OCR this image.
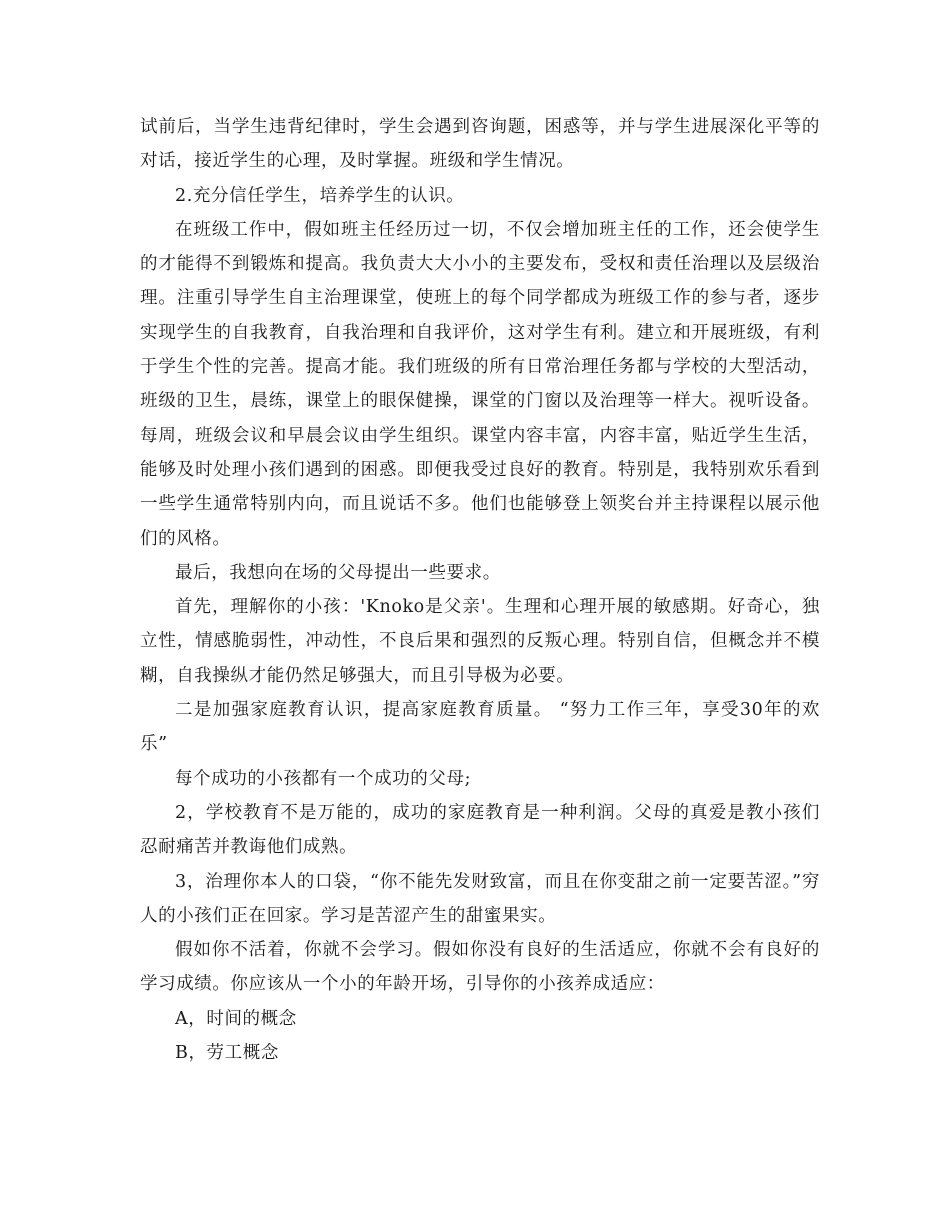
试前后，当学生违背纪律时，学生会遇到咨询题，困惑等，并与学生进展深化平等的对话，接近学生的心理，及时掌握。班级和学生情况。

2.充分信任学生，培养学生的认识。

在班级工作中，假如班主任经历过一切，不仅会增加班主任的工作，还会使学生的才能得不到锻炼和提高。我负责大大小小的主要发布，受权和责任治理以及层级治理。注重引导学生自主治理课堂，使班上的每个同学都成为班级工作的参与者，逐步实现学生的自我教育，自我治理和自我评价，这对学生有利。建立和开展班级，有利于学生个性的完善。提高才能。我们班级的所有日常治理任务都与学校的大型活动，班级的卫生，晨练，课堂上的眼保健操，课堂的门窗以及治理等一样大。视听设备。每周，班级会议和早晨会议由学生组织。课堂内容丰富，内容丰富，贴近学生生活，能够及时处理小孩们遇到的困惑。即便我受过良好的教育。特别是，我特别欢乐看到一些学生通常特别内向，而且说话不多。他们也能够登上领奖台并主持课程以展示他们的风格。

最后，我想向在场的父母提出一些要求。

首先，理解你的小孩：'Knoko是父亲'。生理和心理开展的敏感期。好奇心，独立性，情感脆弱性，冲动性，不良后果和强烈的反叛心理。特别自信，但概念并不模糊，自我操纵才能仍然足够强大，而且引导极为必要。

二是加强家庭教育认识，提高家庭教育质量。 “努力工作三年，享受30年的欢乐”

每个成功的小孩都有一个成功的父母;

2，学校教育不是万能的，成功的家庭教育是一种利润。父母的真爱是教小孩们忍耐痛苦并教诲他们成熟。

3，治理你本人的口袋，“你不能先发财致富，而且在你变甜之前一定要苦涩。”穷人的小孩们正在回家。学习是苦涩产生的甜蜜果实。

假如你不活着，你就不会学习。假如你没有良好的生活适应，你就不会有良好的学习成绩。你应该从一个小的年龄开场，引导你的小孩养成适应：

A，时间的概念

B，劳工概念
